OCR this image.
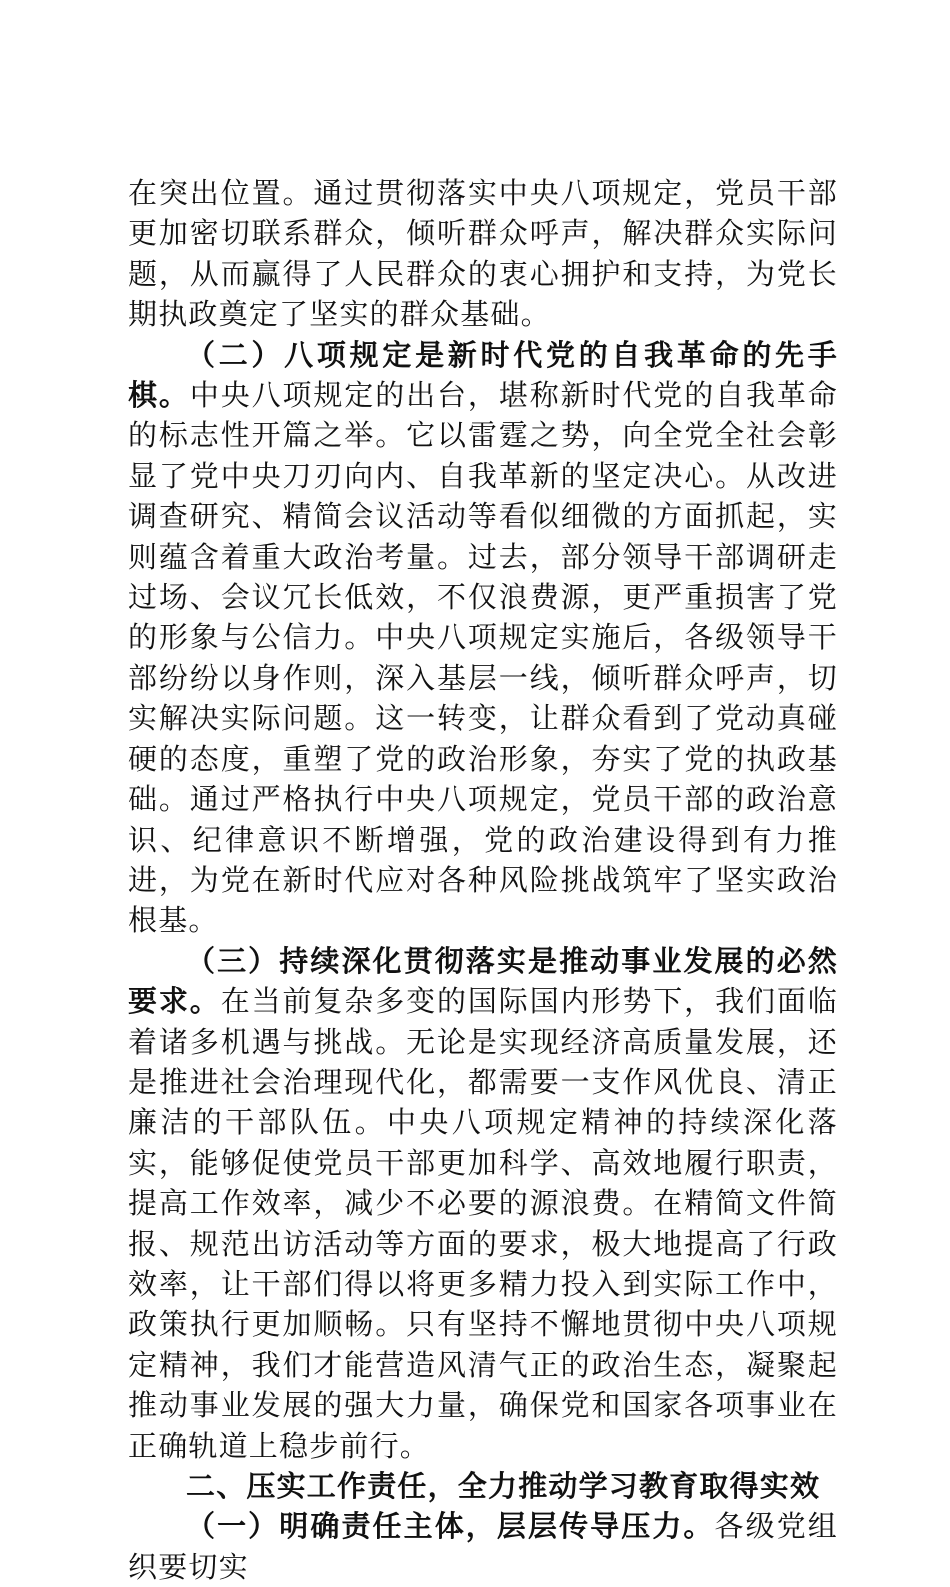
在突出位置。通过贯彻落实中央八项规定，党员干部更加密切联系群众，倾听群众呼声，解决群众实际问题，从而赢得了人民群众的衷心拥护和支持，为党长期执政奠定了坚实的群众基础。

（二）八项规定是新时代党的自我革命的先手棋。中央八项规定的出台，堪称新时代党的自我革命的标志性开篇之举。它以雷霆之势，向全党全社会彰显了党中央刀刃向内、自我革新的坚定决心。从改进调查研究、精简会议活动等看似细微的方面抓起，实则蕴含着重大政治考量。过去，部分领导干部调研走过场、会议冗长低效，不仅浪费源，更严重损害了党的形象与公信力。中央八项规定实施后，各级领导干部纷纷以身作则，深入基层一线，倾听群众呼声，切实解决实际问题。这一转变，让群众看到了党动真碰硬的态度，重塑了党的政治形象，夯实了党的执政基础。通过严格执行中央八项规定，党员干部的政治意识、纪律意识不断增强，党的政治建设得到有力推进，为党在新时代应对各种风险挑战筑牢了坚实政治根基。

（三）持续深化贯彻落实是推动事业发展的必然要求。在当前复杂多变的国际国内形势下，我们面临着诸多机遇与挑战。无论是实现经济高质量发展，还是推进社会治理现代化，都需要一支作风优良、清正廉洁的干部队伍。中央八项规定精神的持续深化落实，能够促使党员干部更加科学、高效地履行职责，提高工作效率，减少不必要的源浪费。在精简文件简报、规范出访活动等方面的要求，极大地提高了行政效率，让干部们得以将更多精力投入到实际工作中，政策执行更加顺畅。只有坚持不懈地贯彻中央八项规定精神，我们才能营造风清气正的政治生态，凝聚起推动事业发展的强大力量，确保党和国家各项事业在正确轨道上稳步前行。

二、压实工作责任，全力推动学习教育取得实效

（一）明确责任主体，层层传导压力。各级党组织要切实
